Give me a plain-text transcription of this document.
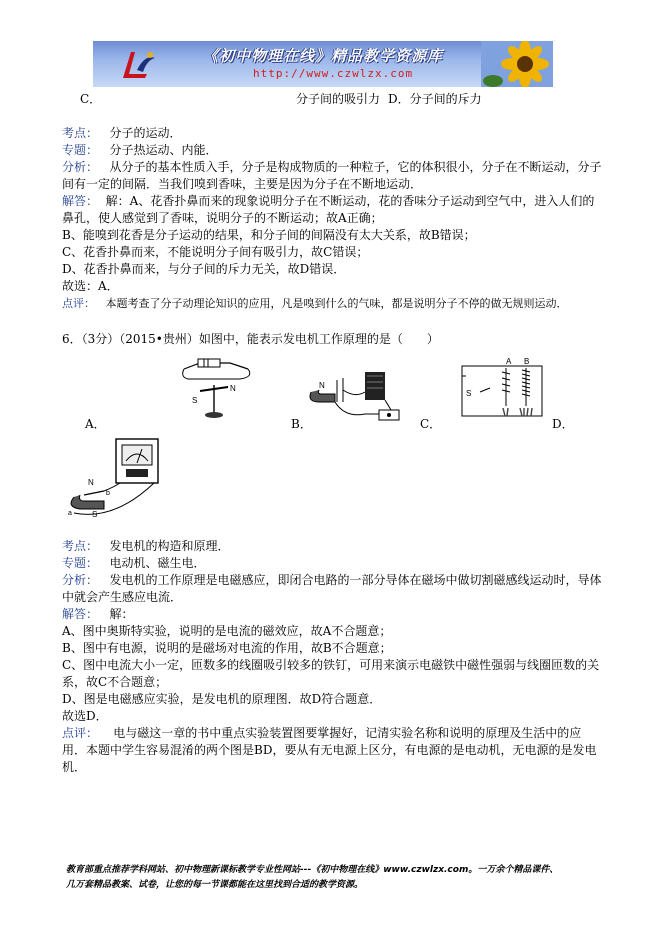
《初中物理在线》精品教学资源库
http://www.czwlzx.com
C．	分子间的吸引力 D．分子间的斥力
考点： 分子的运动．
专题： 分子热运动、内能．
分析： 从分子的基本性质入手，分子是构成物质的一种粒子，它的体积很小，分子在不断运动，分子
间有一定的间隔．当我们嗅到香味，主要是因为分子在不断地运动．
解答： 解：A、花香扑鼻而来的现象说明分子在不断运动，花的香味分子运动到空气中，进入人们的
鼻孔，使人感觉到了香味，说明分子的不断运动；故A正确；
B、能嗅到花香是分子运动的结果，和分子间的间隔没有太大关系，故B错误；
C、花香扑鼻而来，不能说明分子间有吸引力，故C错误；
D、花香扑鼻而来，与分子间的斥力无关，故D错误．
故选：A．
点评： 本题考查了分子动理论知识的应用，凡是嗅到什么的气味，都是说明分子不停的做无规则运动．
6．（3分）（2015•贵州）如图中，能表示发电机工作原理的是（　　）
S
N
A．
N
B．
A B
S
C．	D．
N
S
a
b
考点： 发电机的构造和原理．
专题： 电动机、磁生电．
分析： 发电机的工作原理是电磁感应，即闭合电路的一部分导体在磁场中做切割磁感线运动时，导体
中就会产生感应电流．
解答： 解：
A、图中奥斯特实验，说明的是电流的磁效应，故A不合题意；
B、图中有电源，说明的是磁场对电流的作用，故B不合题意；
C、图中电流大小一定，匝数多的线圈吸引较多的铁钉，可用来演示电磁铁中磁性强弱与线圈匝数的关
系，故C不合题意；
D、图是电磁感应实验，是发电机的原理图．故D符合题意．
故选D．
点评： 电与磁这一章的书中重点实验装置图要掌握好，记清实验名称和说明的原理及生活中的应
用．本题中学生容易混淆的两个图是BD，要从有无电源上区分，有电源的是电动机，无电源的是发电
机．
教育部重点推荐学科网站、初中物理新课标教学专业性网站---《初中物理在线》www.czwlzx.com。一万余个精品课件、
几万套精品教案、试卷，让您的每一节课都能在这里找到合适的教学资源。
